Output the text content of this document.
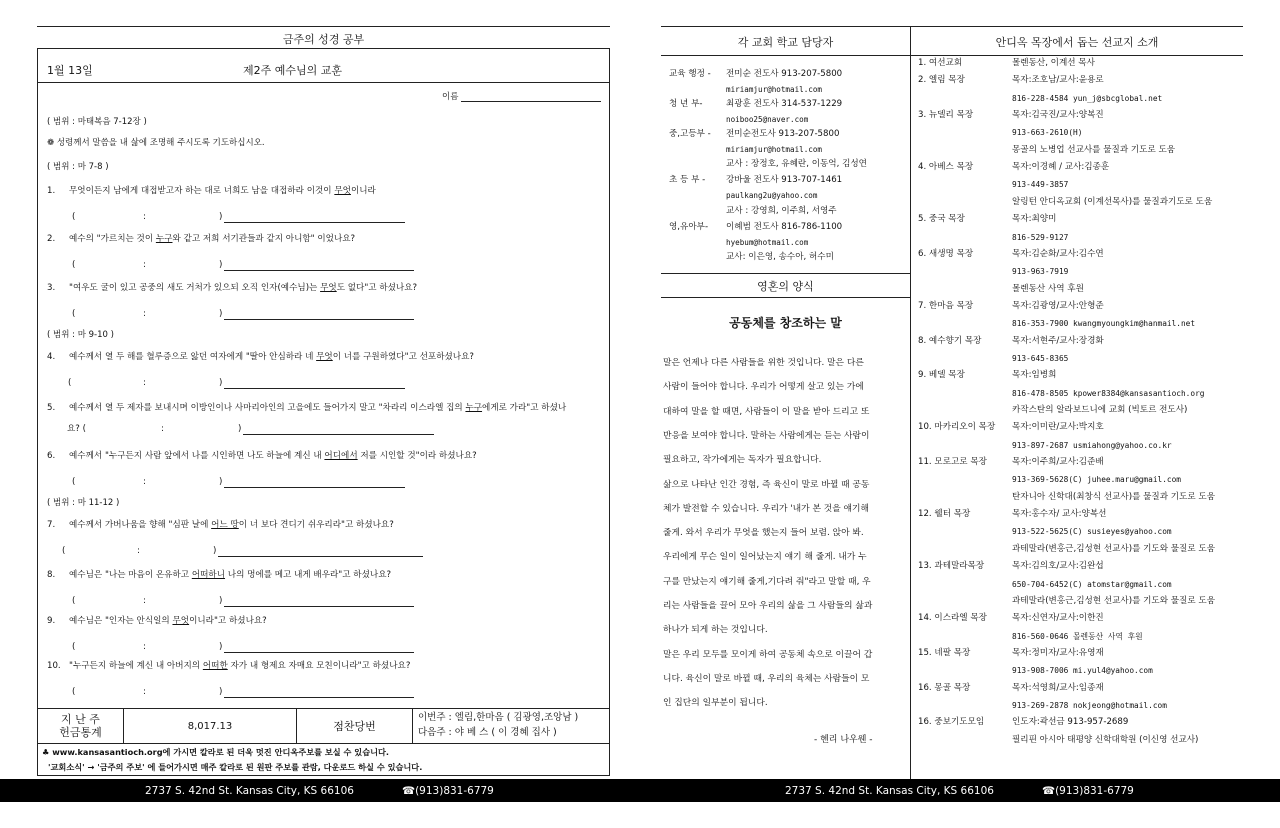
금주의 성경 공부
1월 13일	제2주 예수님의 교훈
이름
( 범위 : 마태복음 7-12장 )
❁ 성령께서 말씀을 내 삶에 조명해 주시도록 기도하십시오.
( 범위 : 마 7-8 )
( 범위 : 마 9-10 )
( 범위 : 마 11-12 )
1. 무엇이든지 남에게 대접받고자 하는 대로 너희도 남을 대접하라 이것이 무엇이니라
(	:	)
2. 예수의 "가르치는 것이 누구와 같고 저희 서기관들과 같지 아니함" 이었나요?
(	:	)
3. "여우도 굴이 있고 공중의 새도 거처가 있으되 오직 인자(예수님)는 무엇도 없다"고 하셨나요?
(	:	)
4. 예수께서 열 두 해를 혈루증으로 앓던 여자에게 "딸아 안심하라 네 무엇이 너를 구원하였다"고 선포하셨나요?
(	:	)
5. 예수께서 열 두 제자를 보내시며 이방인이나 사마리아인의 고을에도 들어가지 말고 "차라리 이스라엘 집의 누구에게로 가라"고 하셨나
요? (	:	)
6. 예수께서 "누구든지 사람 앞에서 나를 시인하면 나도 하늘에 계신 내 어디에서 저를 시인할 것"이라 하셨나요?
(	:	)
7. 예수께서 가버나움을 향해 "심판 날에 어느 땅이 너 보다 견디기 쉬우리라"고 하셨나요?
(	:	)
8. 예수님은 "나는 마음이 온유하고 어떠하니 나의 멍에를 메고 내게 배우라"고 하셨나요?
(	:	)
9. 예수님은 "인자는 안식일의 무엇이니라"고 하셨나요?
(	:	)
10. "누구든지 하늘에 계신 내 아버지의 어떠한 자가 내 형제요 자매요 모친이니라"고 하셨나요?
(	:	)
지 난 주
헌금통계	8,017.13	점찬당번
이번주 : 엘림,한마음 ( 김광영,조앙남 )
다음주 : 야 베 스 ( 이 경혜 집사 )
♣ www.kansasantioch.org에 가시면 칼라로 된 더욱 멋진 안디옥주보를 보실 수 있습니다.
'교회소식' → '금주의 주보' 에 들어가시면 매주 칼라로 된 원판 주보를 관람, 다운로드 하실 수 있습니다.
각 교회 학교 담당자
교육 행정 -전미순 전도사 913-207-5800
miriamjur@hotmail.com
청 년 부-	최광훈 전도사 314-537-1229
noiboo25@naver.com
중,고등부 -전미순전도사 913-207-5800
miriamjur@hotmail.com
교사 : 장정호, 유혜란, 이동억, 김성연
초 등 부 -강바울 전도사 913-707-1461
paulkang2u@yahoo.com
교사 : 강영희, 이주희, 서영주
영,유아부-이혜범 전도사 816-786-1100
hyebum@hotmail.com
교사: 이은영, 송수아, 허수미
영혼의 양식
공동체를 창조하는 말
말은 언제나 다른 사람들을 위한 것입니다. 말은 다른
사람이 들어야 합니다. 우리가 어떻게 살고 있는 가에
대하여 말을 할 때면, 사람들이 이 말을 받아 드리고 또
반응을 보여야 합니다. 말하는 사람에게는 듣는 사람이
필요하고, 작가에게는 독자가 필요합니다.
삶으로 나타난 인간 경험, 즉 육신이 말로 바뀔 때 공동
체가 발전할 수 있습니다. 우리가 '내가 본 것을 얘기해
줄게. 와서 우리가 무엇을 했는지 들어 보렴. 앉아 봐.
우리에게 무슨 일이 일어났는지 얘기 해 줄게. 내가 누
구를 만났는지 얘기해 줄게,기다려 줘"라고 말할 때, 우
리는 사람들을 끌어 모아 우리의 삶을 그 사람들의 삶과
하나가 되게 하는 것입니다.
말은 우리 모두를 모이게 하여 공동체 속으로 이끌어 갑
니다. 육신이 말로 바뀔 때, 우리의 육체는 사람들이 모
인 집단의 일부분이 됩니다.
- 헨리 나우웬 -
안디옥 목장에서 돕는 선교지 소개
1. 여선교회	몰렌동산, 이계선 목사
2. 엘림 목장	목자:조호남/교사:윤용로
816-228-4584 yun_j@sbcglobal.net
3. 뉴델리 목장	목자:김국진/교사:양복진
913-663-2610(H)
몽골의 노병업 선교사를 물질과 기도로 도움
4. 아베스 목장	목자:이경혜 / 교사:김종훈
913-449-3857
알링턴 안디옥교회 (이계선목사)를 물질과기도로 도움
5. 중국 목장	목자:최양미
816-529-9127
6. 새생명 목장	목자:김순화/교사:김수연
913-963-7919
몰렌동산 사역 후원
7. 한마음 목장	목자:김광영/교사:안형준
816-353-7900 kwangmyoungkim@hanmail.net
8. 예수향기 목장	목자:서현주/교사:장경화
913-645-8365
9. 베델 목장	목자:임병희
816-478-8505 kpower8384@kansasantioch.org
카작스탄의 알라보드니에 교회 (빅토르 전도사)
10. 마카리오이 목장 목자:이미란/교사:박지호
913-897-2687 usmiahong@yahoo.co.kr
11. 모로고로 목장	목자:이주희/교사:김준배
913-369-5628(C) juhee.maru@gmail.com
탄자니아 신학대(최창식 선교사)를 물질과 기도로 도움
12. 웰터 목장	목자:홍수자/ 교사:양복선
913-522-5625(C) susieyes@yahoo.com
과테말라(변홍근,김성현 선교사)를 기도와 물질로 도움
13. 과테말라목장	목자:김의호/교사:김완섭
650-704-6452(C) atomstar@gmail.com
과테말라(변홍근,김성현 선교사)를 기도와 물질로 도움
14. 이스라엘 목장	목자:신연자/교사:이한진
816-560-0646 몰렌동산 사역 후원
15. 네팔 목장	목자:정미자/교사:유영재
913-908-7006 mi.yul4@yahoo.com
16. 몽골 목장	목자:석영희/교사:임종재
913-269-2878 nokjeong@hotmail.com
16. 중보기도모임	인도자:곽선금 913-957-2689
필리핀 아시아 태평양 신학대학원 (이신영 선교사)
2737 S. 42nd St. Kansas City, KS 66106	☎(913)831-6779	2737 S. 42nd St. Kansas City, KS 66106	☎(913)831-6779
